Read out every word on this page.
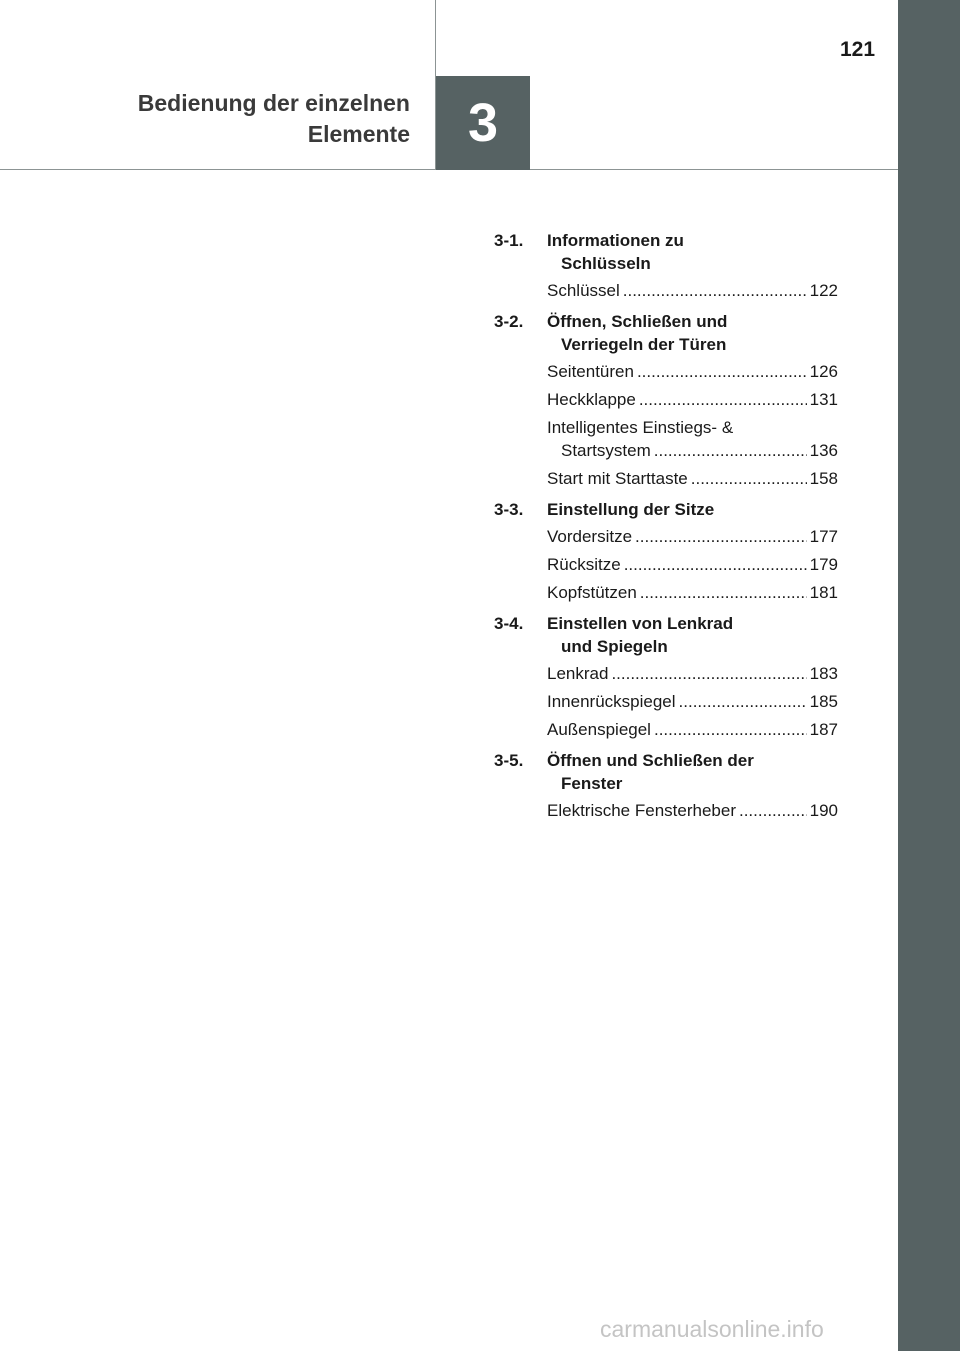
3
Bedienung der einzelnen
Elemente
121
3-1.	Informationen zu
Schlüsseln
Schlüssel .....	122
3-2.	Öffnen, Schließen und
Verriegeln der Türen
Seitentüren .....	126
Heckklappe .....	131
Intelligentes Einstiegs- &
Startsystem .....	136
Start mit Starttaste .....	158
3-3.	Einstellung der Sitze
Vordersitze .....	177
Rücksitze .....	179
Kopfstützen .....	181
3-4.	Einstellen von Lenkrad
und Spiegeln
Lenkrad .....	183
Innenrückspiegel .....	185
Außenspiegel .....	187
3-5.	Öffnen und Schließen der
Fenster
Elektrische Fensterheber .....	190
carmanualsonline.info
